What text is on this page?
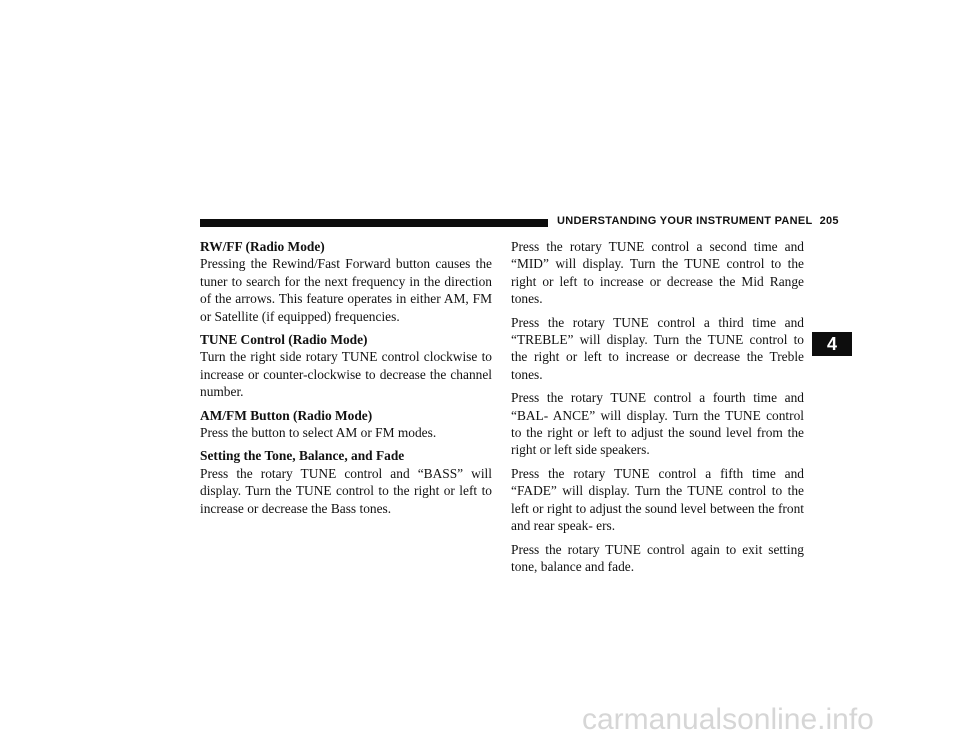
UNDERSTANDING YOUR INSTRUMENT PANEL 205

RW/FF (Radio Mode)
Pressing the Rewind/Fast Forward button causes the tuner to search for the next frequency in the direction of the arrows. This feature operates in either AM, FM or Satellite (if equipped) frequencies.

TUNE Control (Radio Mode)
Turn the right side rotary TUNE control clockwise to increase or counter-clockwise to decrease the channel number.

AM/FM Button (Radio Mode)
Press the button to select AM or FM modes.

Setting the Tone, Balance, and Fade
Press the rotary TUNE control and “BASS” will display. Turn the TUNE control to the right or left to increase or decrease the Bass tones.

Press the rotary TUNE control a second time and “MID” will display. Turn the TUNE control to the right or left to increase or decrease the Mid Range tones.

Press the rotary TUNE control a third time and “TREBLE” will display. Turn the TUNE control to the right or left to increase or decrease the Treble tones.

Press the rotary TUNE control a fourth time and “BAL- ANCE” will display. Turn the TUNE control to the right or left to adjust the sound level from the right or left side speakers.

Press the rotary TUNE control a fifth time and “FADE” will display. Turn the TUNE control to the left or right to adjust the sound level between the front and rear speak- ers.

Press the rotary TUNE control again to exit setting tone, balance and fade.

4
carmanualsonline.info
